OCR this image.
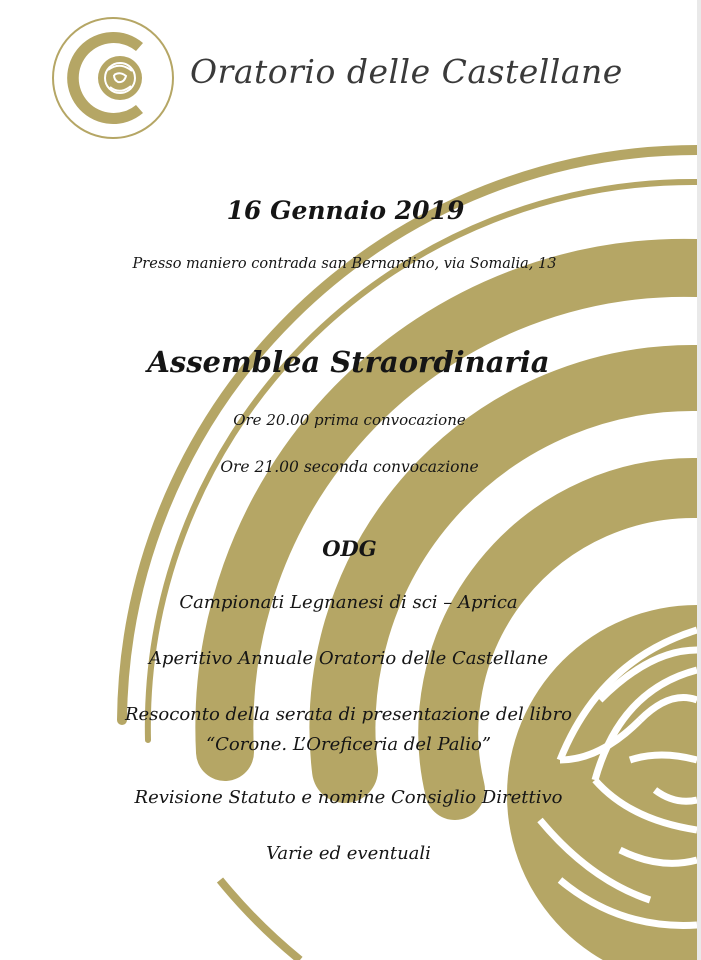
Oratorio delle Castellane
16 Gennaio 2019
Presso maniero contrada san Bernardino, via Somalia, 13
Assemblea Straordinaria
Ore 20.00 prima convocazione
Ore 21.00 seconda convocazione
ODG
Campionati Legnanesi di sci – Aprica
Aperitivo Annuale Oratorio delle Castellane
Resoconto della serata di presentazione del libro
“Corone. L’Oreficeria del Palio”
Revisione Statuto e nomine Consiglio Direttivo
Varie ed eventuali
